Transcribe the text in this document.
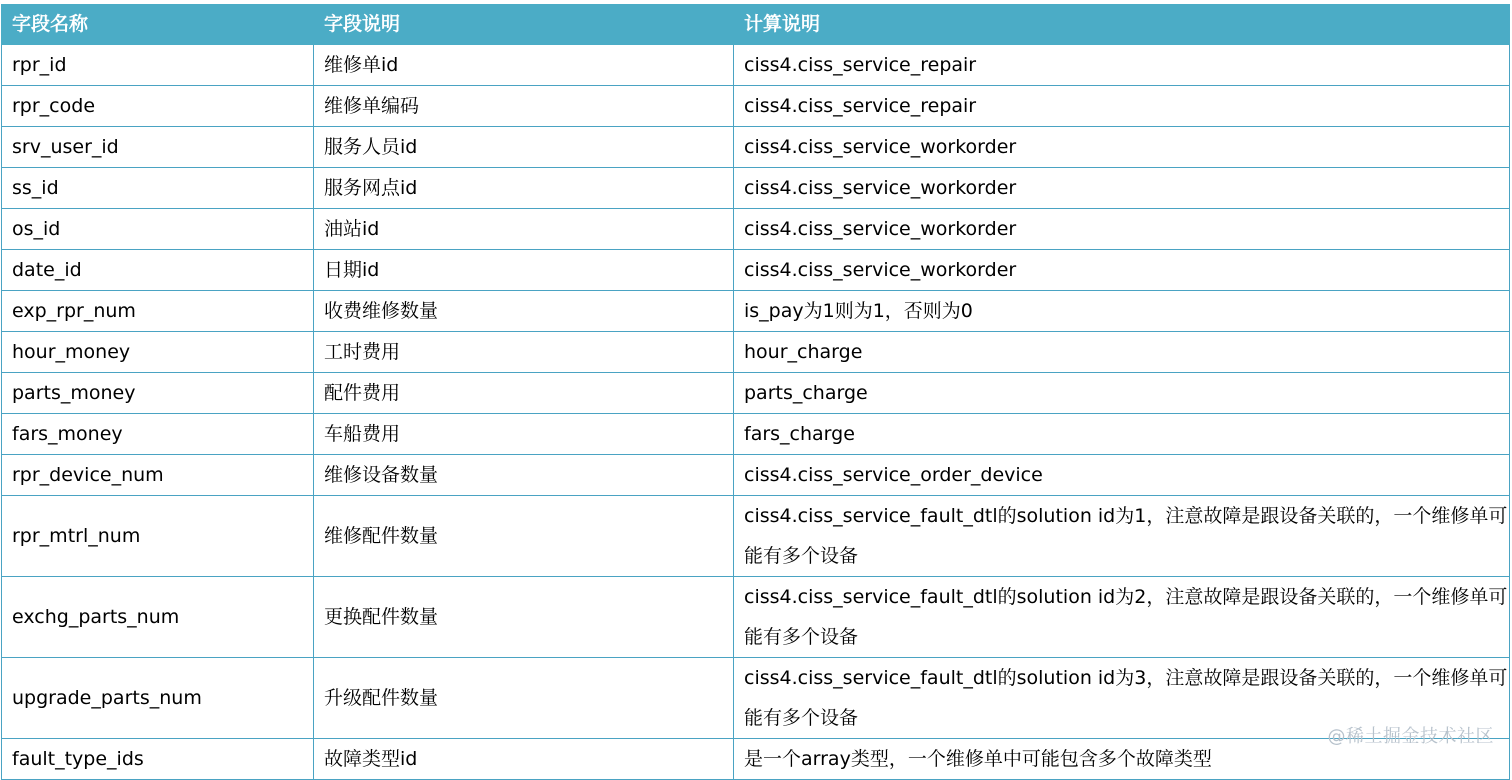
字段名称	字段说明	计算说明
rpr_id	维修单id	ciss4.ciss_service_repair
rpr_code	维修单编码	ciss4.ciss_service_repair
srv_user_id	服务人员id	ciss4.ciss_service_workorder
ss_id	服务网点id	ciss4.ciss_service_workorder
os_id	油站id	ciss4.ciss_service_workorder
date_id	日期id	ciss4.ciss_service_workorder
exp_rpr_num	收费维修数量	is_pay为1则为1，否则为0
hour_money	工时费用	hour_charge
parts_money	配件费用	parts_charge
fars_money	车船费用	fars_charge
rpr_device_num	维修设备数量	ciss4.ciss_service_order_device
rpr_mtrl_num	维修配件数量	ciss4.ciss_service_fault_dtl的solution id为1，注意故障是跟设备关联的，一个维修单可能有多个设备
exchg_parts_num	更换配件数量	ciss4.ciss_service_fault_dtl的solution id为2，注意故障是跟设备关联的，一个维修单可能有多个设备
upgrade_parts_num	升级配件数量	ciss4.ciss_service_fault_dtl的solution id为3，注意故障是跟设备关联的，一个维修单可能有多个设备
fault_type_ids	故障类型id	是一个array类型，一个维修单中可能包含多个故障类型
@稀土掘金技术社区
